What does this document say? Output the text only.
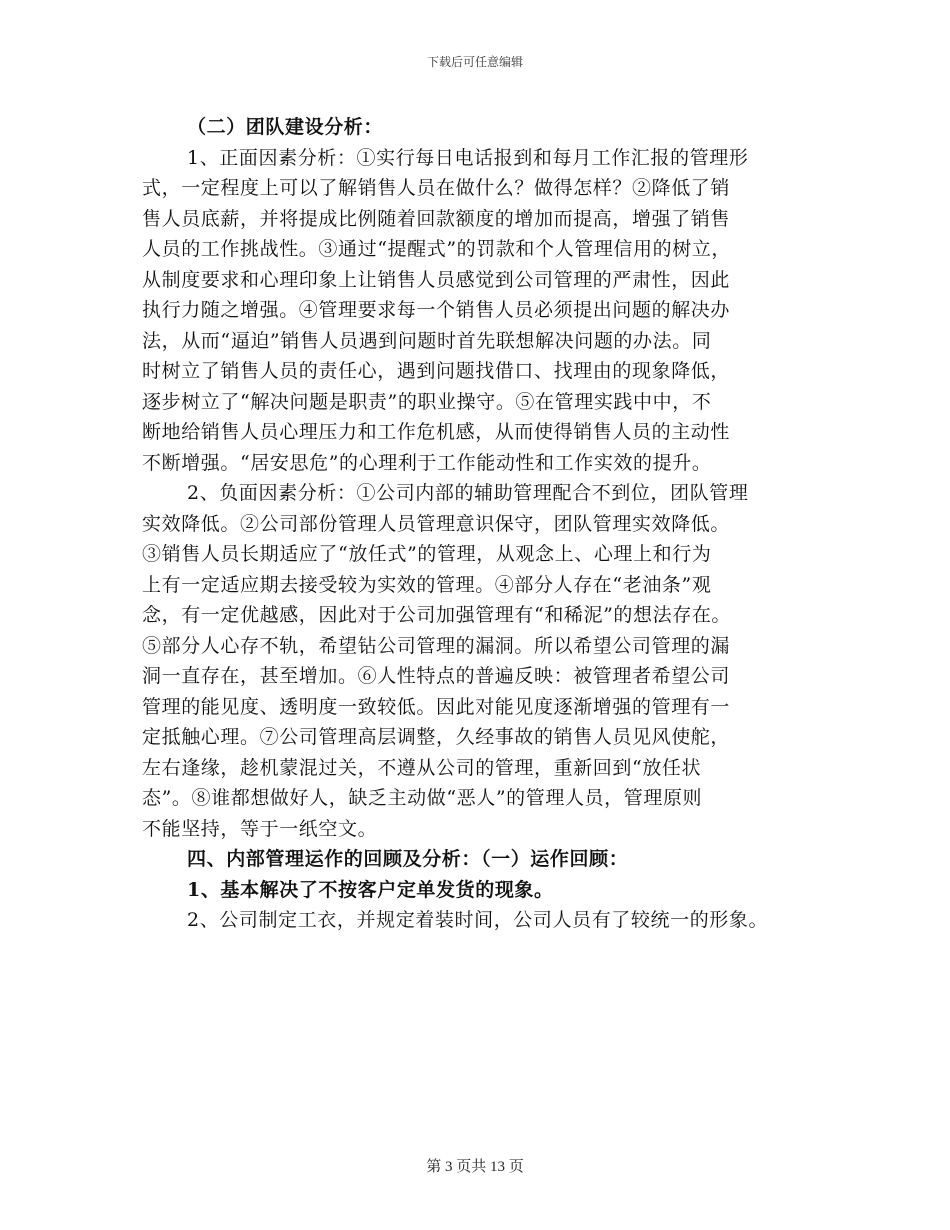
下载后可任意编辑
（二）团队建设分析：
1、正面因素分析：①实行每日电话报到和每月工作汇报的管理形
式，一定程度上可以了解销售人员在做什么？做得怎样？②降低了销
售人员底薪，并将提成比例随着回款额度的增加而提高，增强了销售
人员的工作挑战性。③通过“提醒式”的罚款和个人管理信用的树立，
从制度要求和心理印象上让销售人员感觉到公司管理的严肃性，因此
执行力随之增强。④管理要求每一个销售人员必须提出问题的解决办
法，从而“逼迫”销售人员遇到问题时首先联想解决问题的办法。同
时树立了销售人员的责任心，遇到问题找借口、找理由的现象降低，
逐步树立了“解决问题是职责”的职业操守。⑤在管理实践中中，不
断地给销售人员心理压力和工作危机感，从而使得销售人员的主动性
不断增强。“居安思危”的心理利于工作能动性和工作实效的提升。
2、负面因素分析：①公司内部的辅助管理配合不到位，团队管理
实效降低。②公司部份管理人员管理意识保守，团队管理实效降低。
③销售人员长期适应了“放任式”的管理，从观念上、心理上和行为
上有一定适应期去接受较为实效的管理。④部分人存在“老油条”观
念，有一定优越感，因此对于公司加强管理有“和稀泥”的想法存在。
⑤部分人心存不轨，希望钻公司管理的漏洞。所以希望公司管理的漏
洞一直存在，甚至增加。⑥人性特点的普遍反映：被管理者希望公司
管理的能见度、透明度一致较低。因此对能见度逐渐增强的管理有一
定抵触心理。⑦公司管理高层调整，久经事故的销售人员见风使舵，
左右逢缘，趁机蒙混过关，不遵从公司的管理，重新回到“放任状
态”。⑧谁都想做好人，缺乏主动做“恶人”的管理人员，管理原则
不能坚持，等于一纸空文。
四、内部管理运作的回顾及分析：（一）运作回顾：
1、基本解决了不按客户定单发货的现象。
2、公司制定工衣，并规定着装时间，公司人员有了较统一的形象。
第 3 页共 13 页
